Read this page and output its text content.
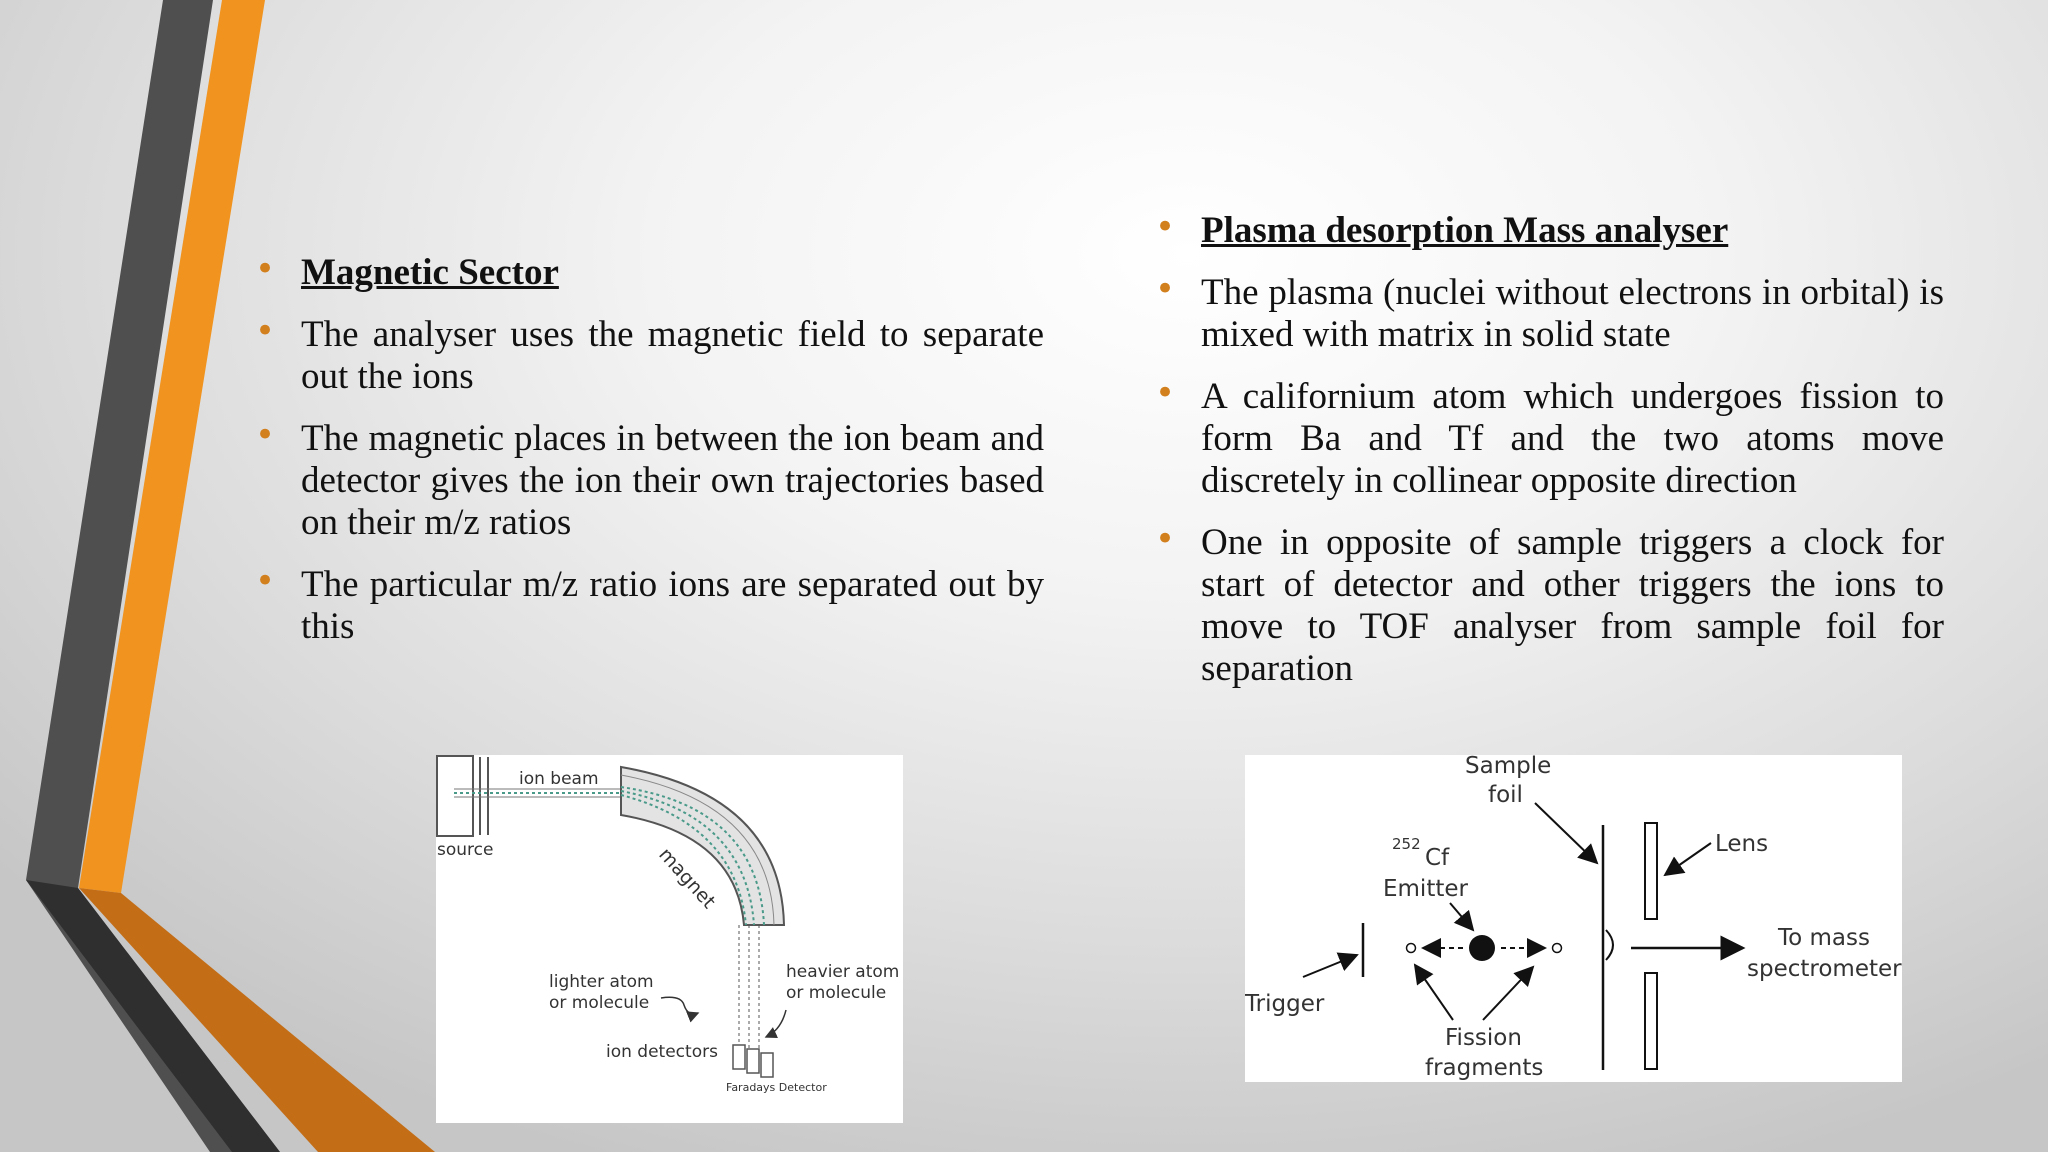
• Magnetic Sector
• The analyser uses the magnetic field to separate out the ions
• The magnetic places in between the ion beam and detector gives the ion their own trajectories based on their m/z ratios
• The particular m/z ratio ions are separated out by this
• Plasma desorption Mass analyser
• The plasma (nuclei without electrons in orbital) is mixed with matrix in solid state
• A californium atom which undergoes fission to form Ba and Tf and the two atoms move discretely in collinear opposite direction
• One in opposite of sample triggers a clock for start of detector and other triggers the ions to move to TOF analyser from sample foil for separation
ion beam
source	magnet
lighter atom
or molecule
heavier atom
or molecule
ion detectors
Faradays Detector
Sample
foil
252
Cf
Emitter
Lens
Trigger
To mass
spectrometer
Fission
fragments
